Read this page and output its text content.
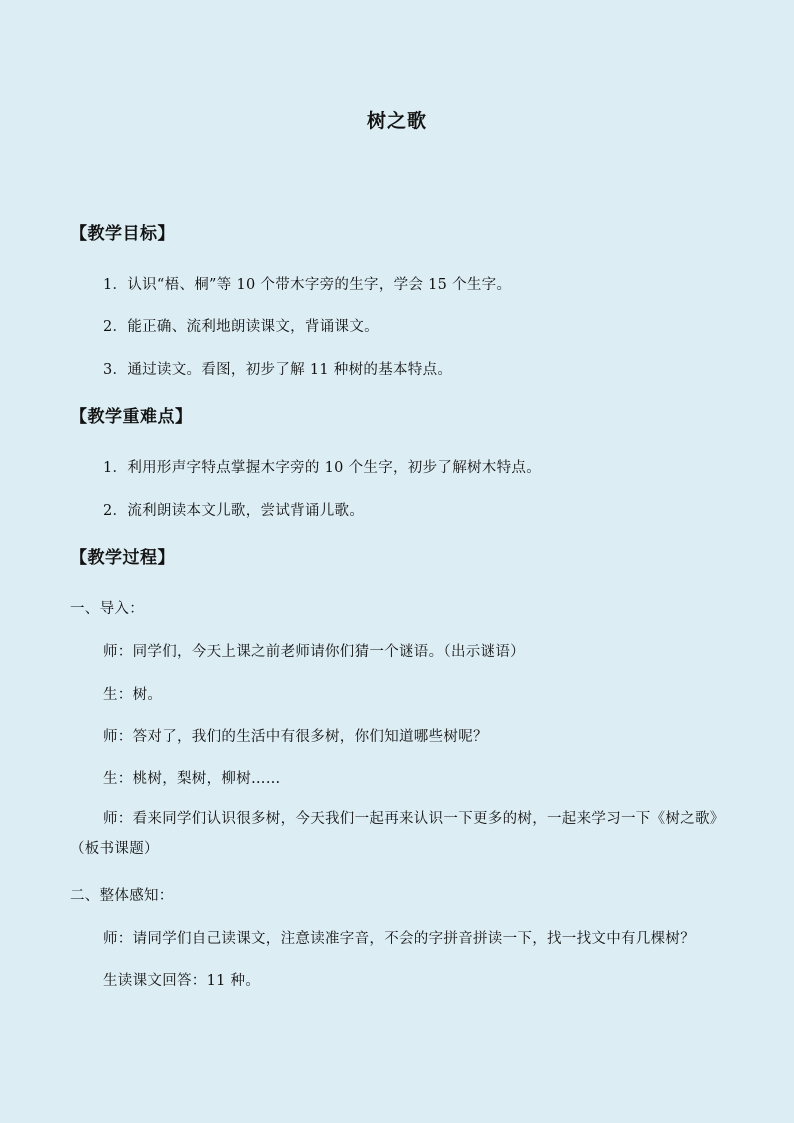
树之歌
【教学目标】
1．认识“梧、桐”等 10 个带木字旁的生字，学会 15 个生字。
2．能正确、流利地朗读课文，背诵课文。
3．通过读文。看图，初步了解 11 种树的基本特点。
【教学重难点】
1．利用形声字特点掌握木字旁的 10 个生字，初步了解树木特点。
2．流利朗读本文儿歌，尝试背诵儿歌。
【教学过程】
一、导入：
师：同学们，今天上课之前老师请你们猜一个谜语。（出示谜语）
生：树。
师：答对了，我们的生活中有很多树，你们知道哪些树呢？
生：桃树，梨树，柳树……
师：看来同学们认识很多树，今天我们一起再来认识一下更多的树，一起来学习一下《树之歌》（板书课题）
二、整体感知：
师：请同学们自己读课文，注意读准字音，不会的字拼音拼读一下，找一找文中有几棵树？
生读课文回答：11 种。
